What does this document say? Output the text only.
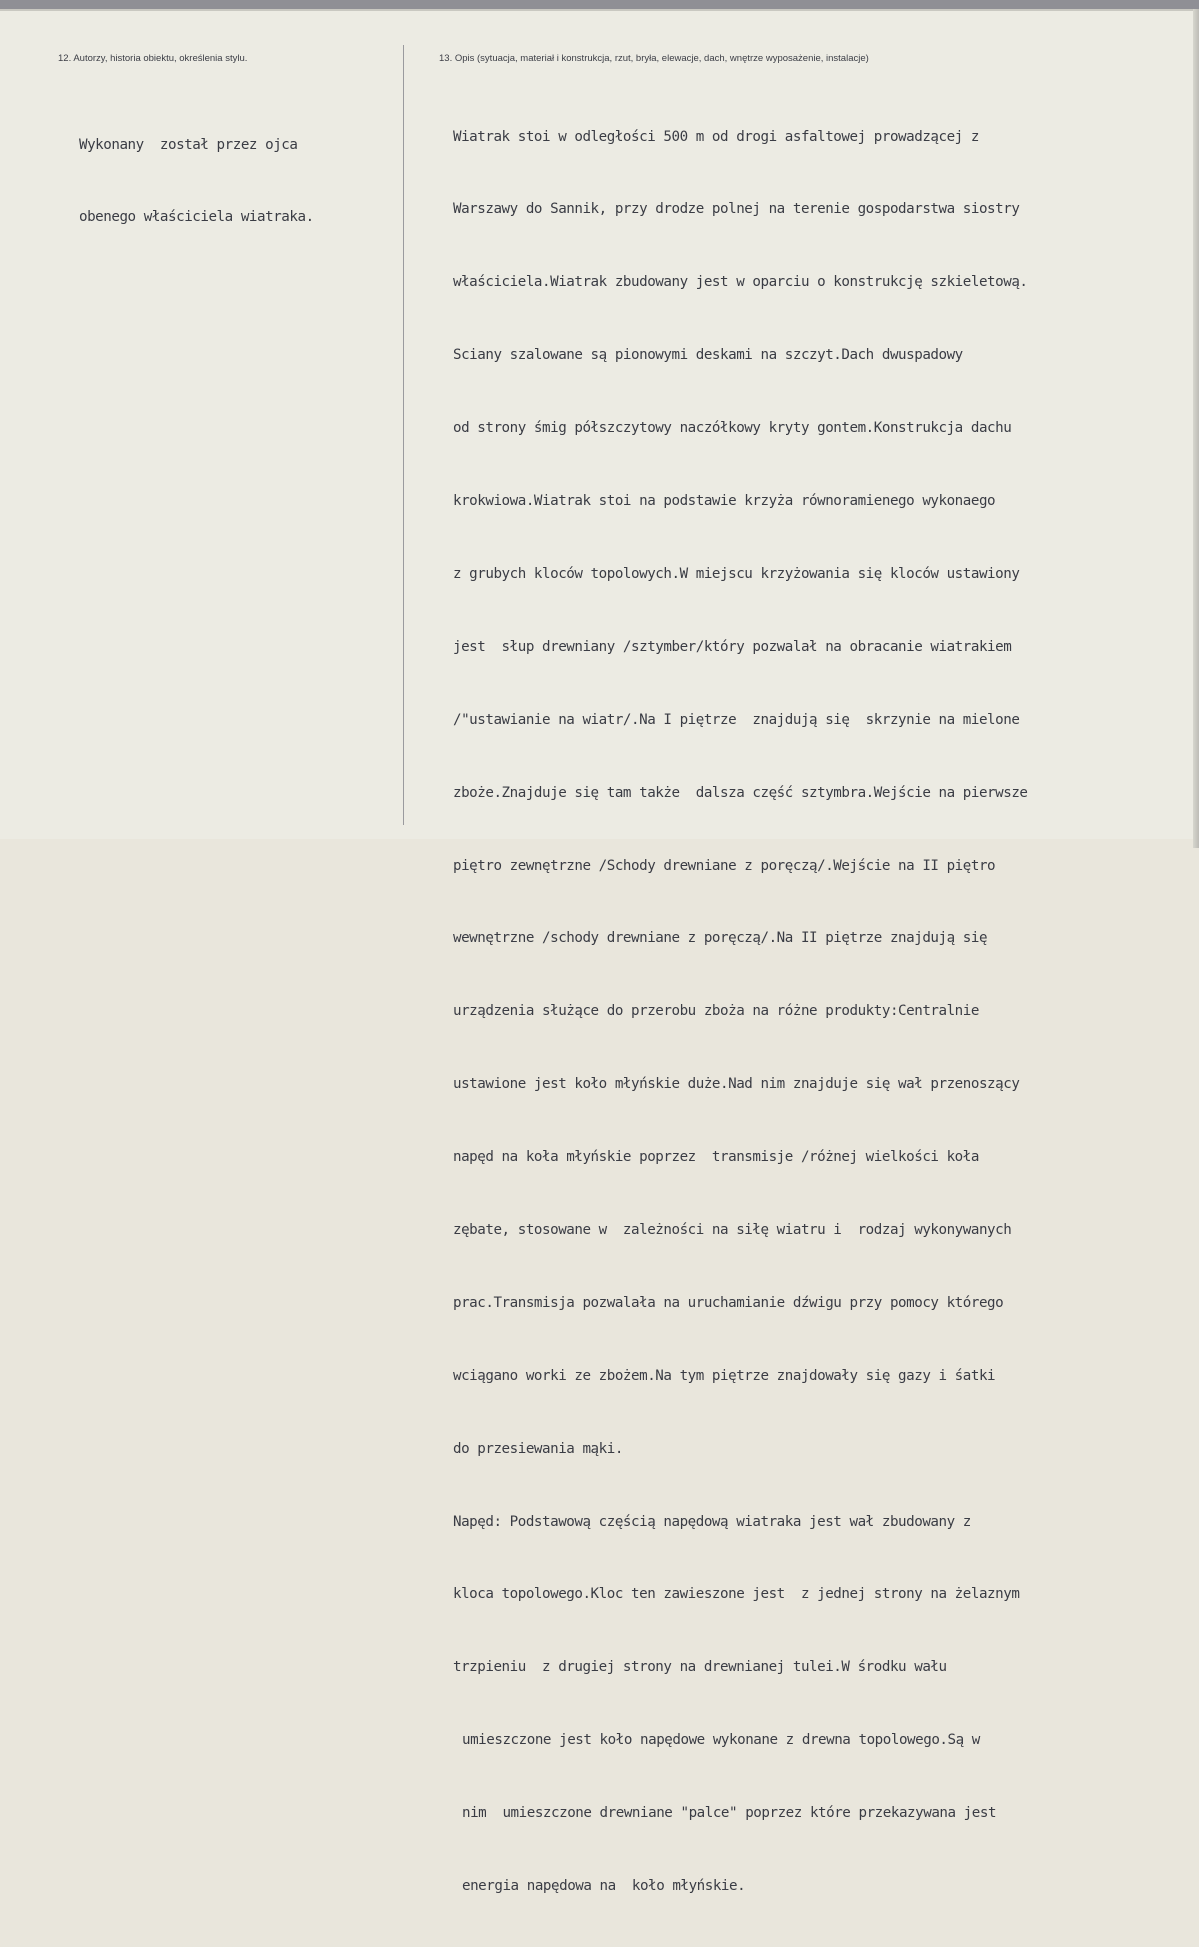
12. Autorzy, historia obiektu, określenia stylu.	13. Opis (sytuacja, materiał i konstrukcja, rzut, bryła, elewacje, dach, wnętrze wyposażenie, instalacje)

Wykonany  został przez ojca

obenego właściciela wiatraka.

Wiatrak stoi w odległości 500 m od drogi asfaltowej prowadzącej z

Warszawy do Sannik, przy drodze polnej na terenie gospodarstwa siostry

właściciela.Wiatrak zbudowany jest w oparciu o konstrukcję szkieletową.

Sciany szalowane są pionowymi deskami na szczyt.Dach dwuspadowy

od strony śmig półszczytowy naczółkowy kryty gontem.Konstrukcja dachu

krokwiowa.Wiatrak stoi na podstawie krzyża równoramienego wykonaego

z grubych kloców topolowych.W miejscu krzyżowania się kloców ustawiony

jest  słup drewniany /sztymber/który pozwalał na obracanie wiatrakiem

/"ustawianie na wiatr/.Na I piętrze  znajdują się  skrzynie na mielone

zboże.Znajduje się tam także  dalsza część sztymbra.Wejście na pierwsze

piętro zewnętrzne /Schody drewniane z poręczą/.Wejście na II piętro

wewnętrzne /schody drewniane z poręczą/.Na II piętrze znajdują się

urządzenia służące do przerobu zboża na różne produkty:Centralnie

ustawione jest koło młyńskie duże.Nad nim znajduje się wał przenoszący

napęd na koła młyńskie poprzez  transmisje /różnej wielkości koła

zębate, stosowane w  zależności na siłę wiatru i  rodzaj wykonywanych

prac.Transmisja pozwalała na uruchamianie dźwigu przy pomocy którego

wciągano worki ze zbożem.Na tym piętrze znajdowały się gazy i śatki

do przesiewania mąki.

Napęd: Podstawową częścią napędową wiatraka jest wał zbudowany z

kloca topolowego.Kloc ten zawieszone jest  z jednej strony na żelaznym

trzpieniu  z drugiej strony na drewnianej tulei.W środku wału

umieszczone jest koło napędowe wykonane z drewna topolowego.Są w

nim  umieszczone drewniane "palce" poprzez które przekazywana jest

energia napędowa na  koło młyńskie.
